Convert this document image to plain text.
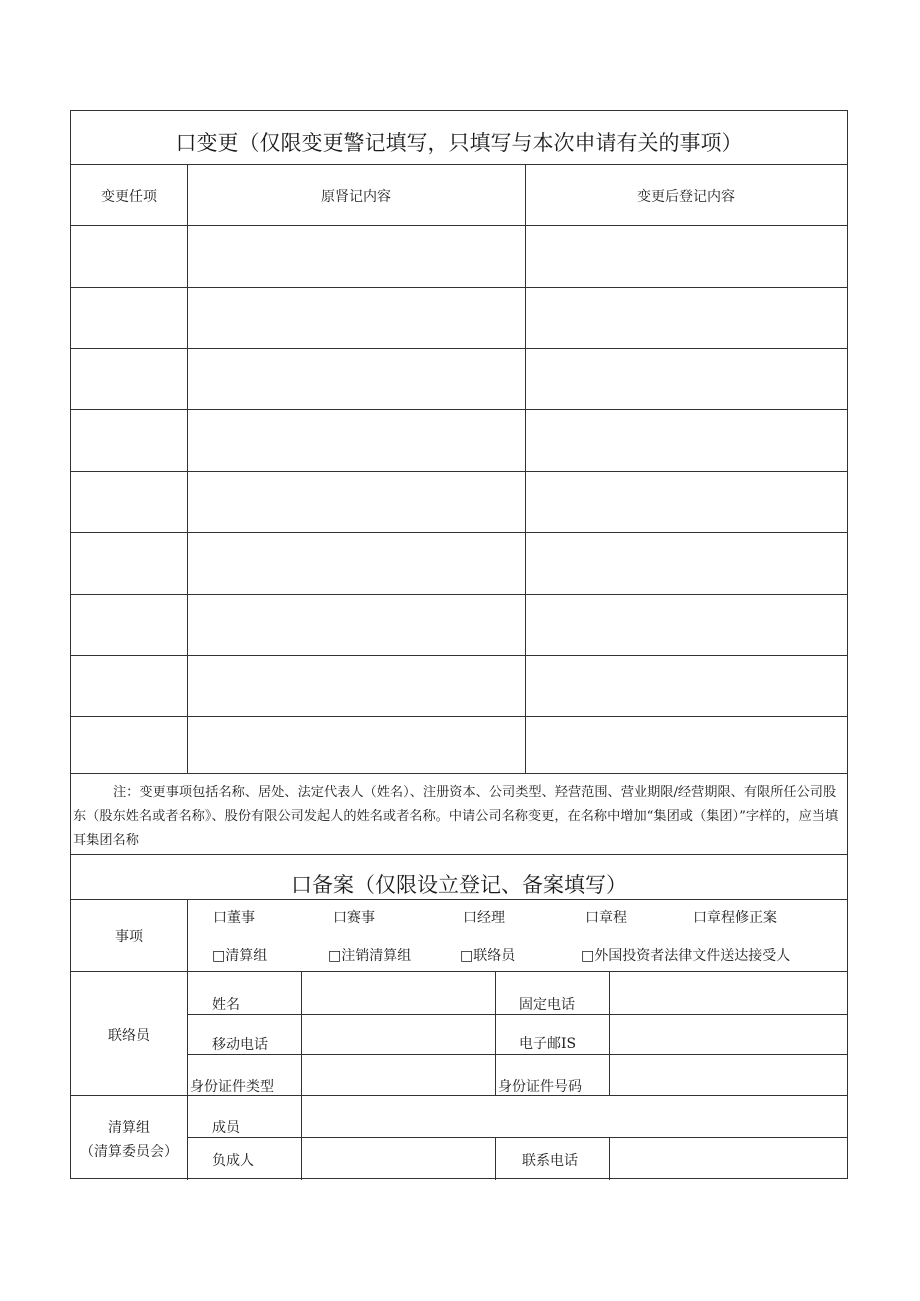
口变更（仅限变更警记填写，只填写与本次申请有关的事项）
变更任项	原肾记内容	变更后登记内容
注：变更事项包括名称、居处、法定代表人（姓名）、注册资本、公司类型、羟营范围、营业期限/经营期限、有限所任公司股东（股东姓名或者名称》、股份有限公司发起人的姓名或者名称。中请公司名称变更，在名称中增加“集团或（集团）”字样的，应当填耳集团名称
口备案（仅限设立登记、备案填写）
事项
口董事	口赛事	口经理	口章程	口章程修正案
□清算组	□注销清算组	□联络员	□外国投资者法律文件送达接受人
联络员
姓名	固定电话
移动电话	电子邮IS
身份证件类型	身份证件号码
清算组
（清算委员会）
成员
负成人	联系电话
